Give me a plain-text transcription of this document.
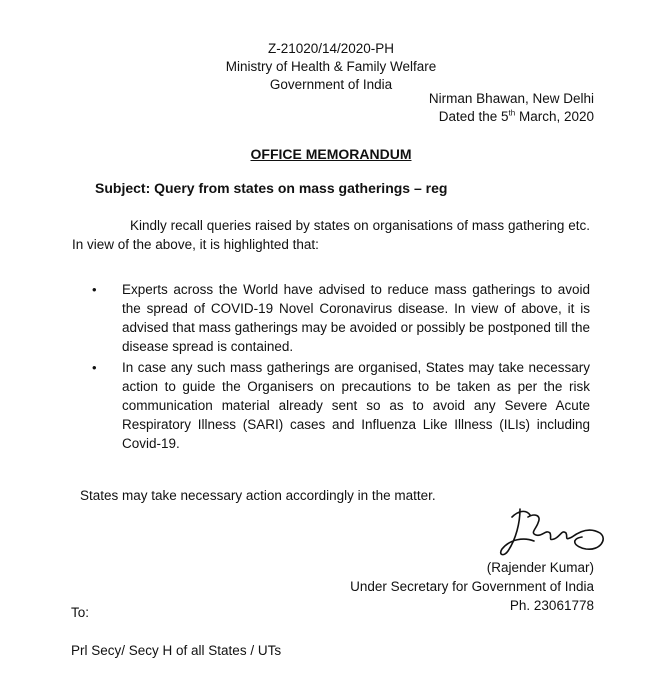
Z-21020/14/2020-PH
Ministry of Health & Family Welfare
Government of India
Nirman Bhawan, New Delhi
Dated the 5th March, 2020
OFFICE MEMORANDUM
Subject: Query from states on mass gatherings – reg

Kindly recall queries raised by states on organisations of mass gathering etc. In view of the above, it is highlighted that:

• Experts across the World have advised to reduce mass gatherings to avoid the spread of COVID-19 Novel Coronavirus disease. In view of above, it is advised that mass gatherings may be avoided or possibly be postponed till the disease spread is contained.
• In case any such mass gatherings are organised, States may take necessary action to guide the Organisers on precautions to be taken as per the risk communication material already sent so as to avoid any Severe Acute Respiratory Illness (SARI) cases and Influenza Like Illness (ILIs) including Covid-19.
States may take necessary action accordingly in the matter.
(Rajender Kumar)
Under Secretary for Government of India
Ph. 23061778
To:
Prl Secy/ Secy H of all States / UTs
